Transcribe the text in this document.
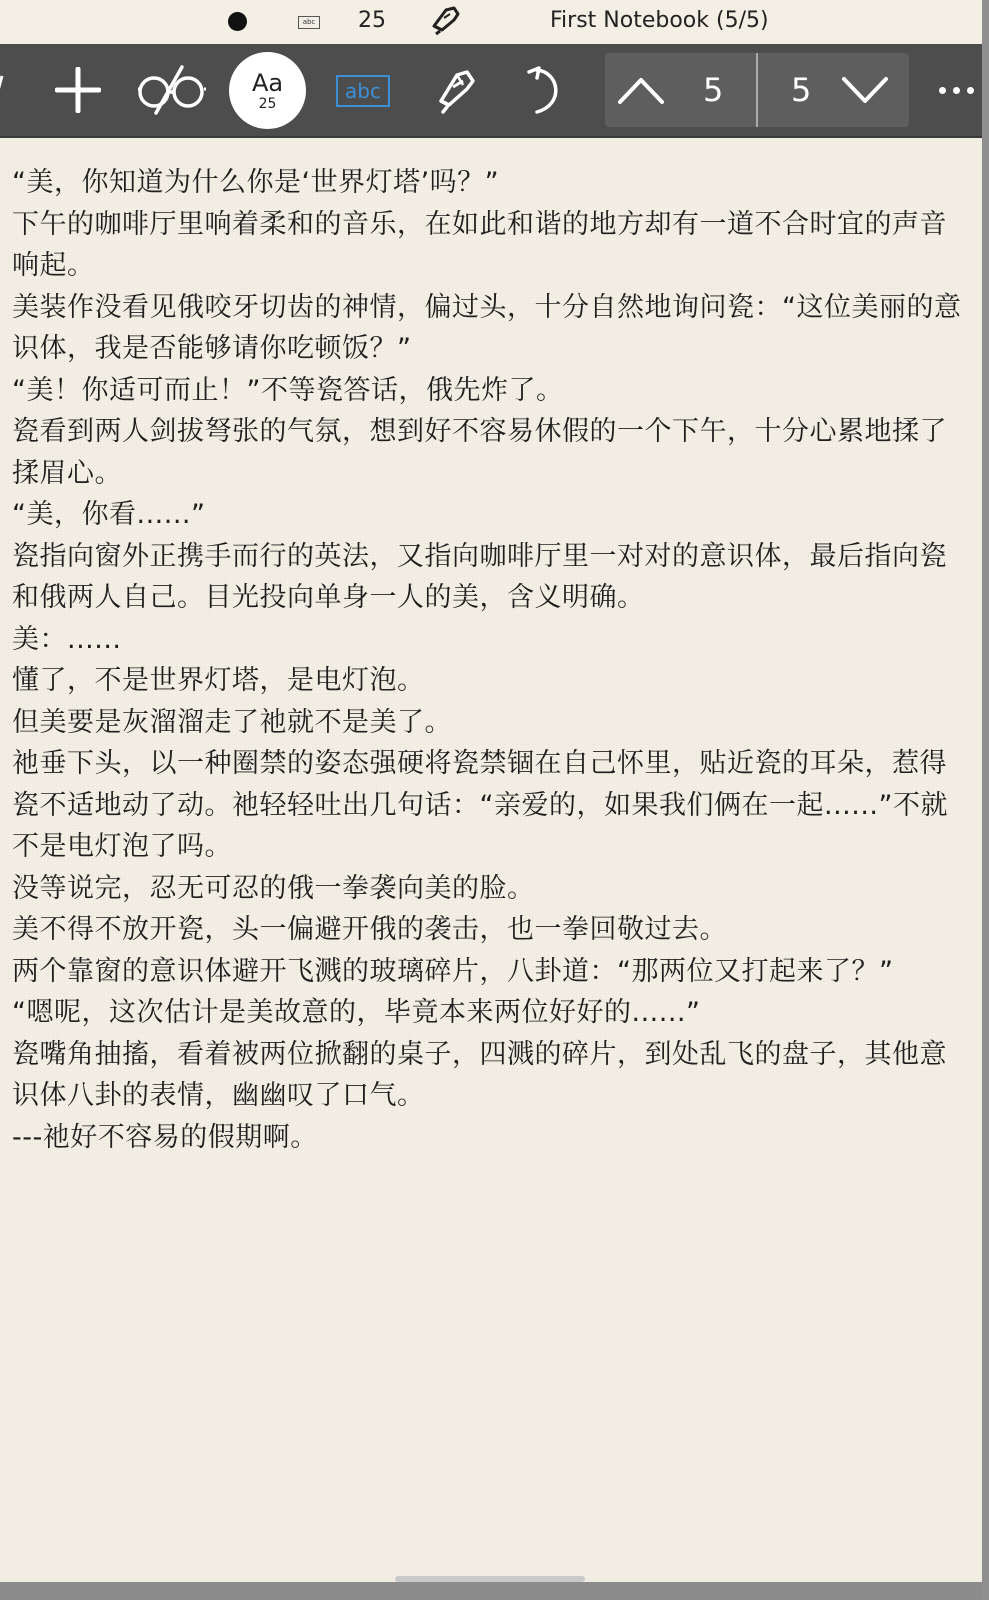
abc 25	First Notebook (5/5)
Aa
25
abc	5 5

“美，你知道为什么你是‘世界灯塔’吗？”

下午的咖啡厅里响着柔和的音乐，在如此和谐的地方却有一道不合时宜的声音响起。

美装作没看见俄咬牙切齿的神情，偏过头，十分自然地询问瓷：“这位美丽的意识体，我是否能够请你吃顿饭？”

“美！你适可而止！”不等瓷答话，俄先炸了。

瓷看到两人剑拔弩张的气氛，想到好不容易休假的一个下午，十分心累地揉了揉眉心。

“美，你看......”

瓷指向窗外正携手而行的英法，又指向咖啡厅里一对对的意识体，最后指向瓷和俄两人自己。目光投向单身一人的美，含义明确。

美：......

懂了，不是世界灯塔，是电灯泡。

但美要是灰溜溜走了祂就不是美了。

祂垂下头，以一种圈禁的姿态强硬将瓷禁锢在自己怀里，贴近瓷的耳朵，惹得瓷不适地动了动。祂轻轻吐出几句话：“亲爱的，如果我们俩在一起......”不就不是电灯泡了吗。

没等说完，忍无可忍的俄一拳袭向美的脸。

美不得不放开瓷，头一偏避开俄的袭击，也一拳回敬过去。

两个靠窗的意识体避开飞溅的玻璃碎片，八卦道：“那两位又打起来了？”

“嗯呢，这次估计是美故意的，毕竟本来两位好好的......”

瓷嘴角抽搐，看着被两位掀翻的桌子，四溅的碎片，到处乱飞的盘子，其他意识体八卦的表情，幽幽叹了口气。

---祂好不容易的假期啊。
